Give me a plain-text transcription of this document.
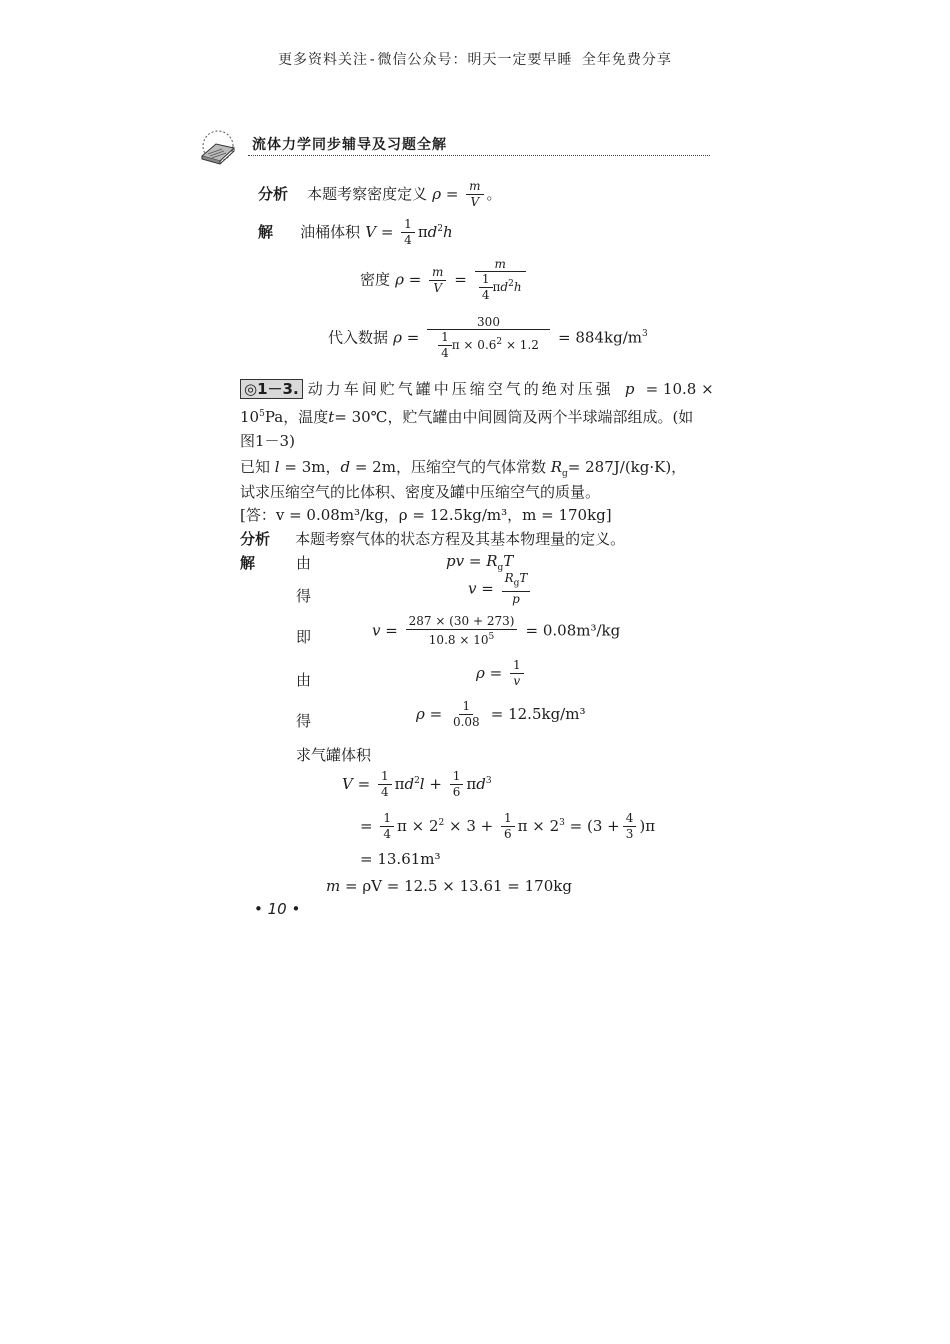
更多资料关注-微信公众号：明天一定要早睡 全年免费分享
流体力学同步辅导及习题全解
分析 本题考察密度定义 $\rho = \frac{m}{V}$ 。
解 油桶体积 $V = \frac{1}{4} \pi d^2h$
密度 $\rho = \frac{m}{V} = \frac{m}{\frac{1}{4} \pi d^2h}$
代入数据 $\rho = \frac{300}{\frac{1}{4} \pi \times 0.6^2 \times 1.2} = 884kg/m^3$
◎1－3. 动力车间贮气罐中压缩空气的绝对压强 p = 10.8 ×
$10^5Pa$，温度t= 30℃，贮气罐由中间圆筒及两个半球端部组成。(如
图1－3)
已知 l = 3m，d = 2m，压缩空气的气体常数 $R_g= 287J/(kg\cdot K)$，
试求压缩空气的比体积、密度及罐中压缩空气的质量。
[答：v = 0.08m³/kg，ρ = 12.5kg/m³，m = 170kg]
分析 本题考察气体的状态方程及其基本物理量的定义。
解	由	pv = $R_gT$
得	$v = \frac{R_gT}{p}$
即	$v = \frac{287 \times (30 + 273)}{10.8 \times 10^5} = 0.08m^3/kg$
由	$\rho = \frac{1}{v}$
得	$\rho = \frac{1}{0.08} = 12.5kg/m^3$
求气罐体积
$V = \frac{1}{4} \pi d^2l + \frac{1}{6} \pi d^3$
= $\frac{1}{4}$ $\pi \times 2^2 \times 3 + \frac{1}{6}$ $\pi \times 2^3 = (3 + \frac{4}{3} )\pi$
= 13.61m³
m = ρV = 12.5 × 13.61 = 170kg
• 10 •
